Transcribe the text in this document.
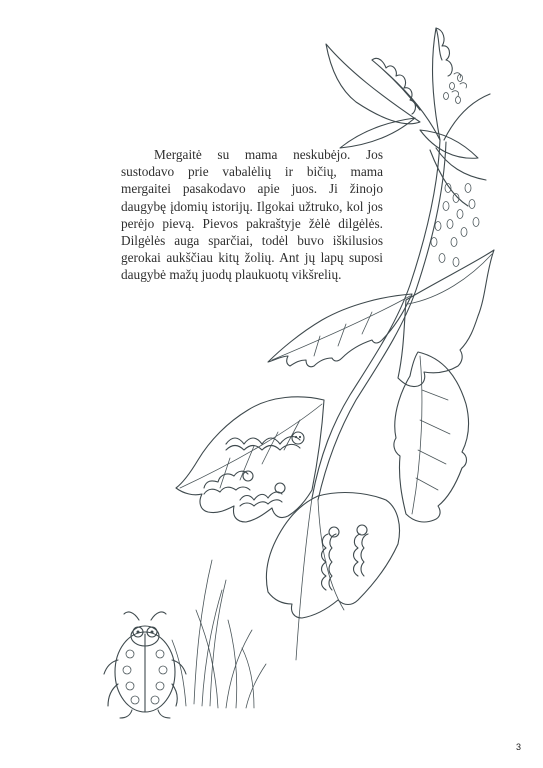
Mergaitė su mama neskubėjo. Jos sustodavo prie vabalėlių ir bičių, mama mergaitei pasakodavo apie juos. Ji žinojo daugybę įdomių istorijų. Ilgokai užtruko, kol jos perėjo pievą. Pievos pakraštyje žėlė dilgėlės. Dilgėlės auga sparčiai, todėl buvo iškilusios gerokai aukščiau kitų žolių. Ant jų lapų suposi daugybė mažų juodų plaukuotų vikšrelių.

3
